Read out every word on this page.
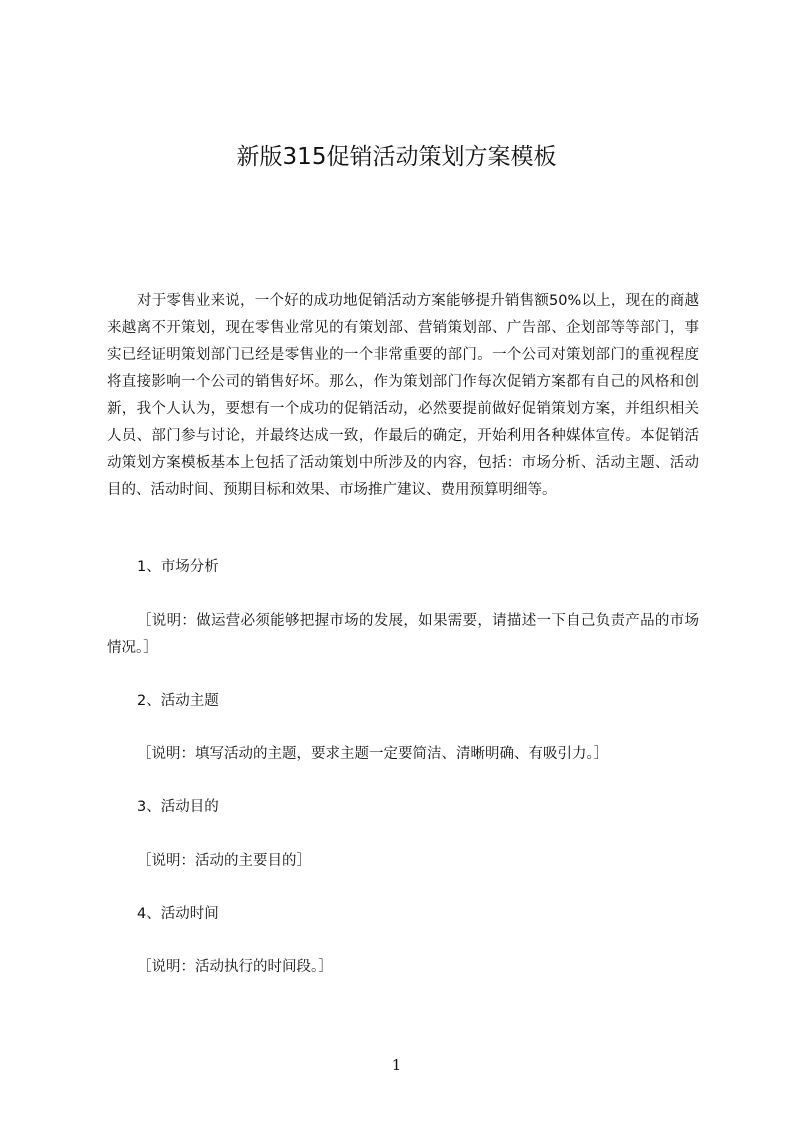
新版315促销活动策划方案模板

对于零售业来说，一个好的成功地促销活动方案能够提升销售额50%以上，现在的商越来越离不开策划，现在零售业常见的有策划部、营销策划部、广告部、企划部等等部门，事实已经证明策划部门已经是零售业的一个非常重要的部门。一个公司对策划部门的重视程度将直接影响一个公司的销售好坏。那么，作为策划部门作每次促销方案都有自己的风格和创新，我个人认为，要想有一个成功的促销活动，必然要提前做好促销策划方案，并组织相关人员、部门参与讨论，并最终达成一致，作最后的确定，开始利用各种媒体宣传。本促销活动策划方案模板基本上包括了活动策划中所涉及的内容，包括：市场分析、活动主题、活动目的、活动时间、预期目标和效果、市场推广建议、费用预算明细等。

1、市场分析

［说明：做运营必须能够把握市场的发展，如果需要，请描述一下自己负责产品的市场情况。］

2、活动主题

［说明：填写活动的主题，要求主题一定要简洁、清晰明确、有吸引力。］

3、活动目的

［说明：活动的主要目的］

4、活动时间

［说明：活动执行的时间段。］

1
